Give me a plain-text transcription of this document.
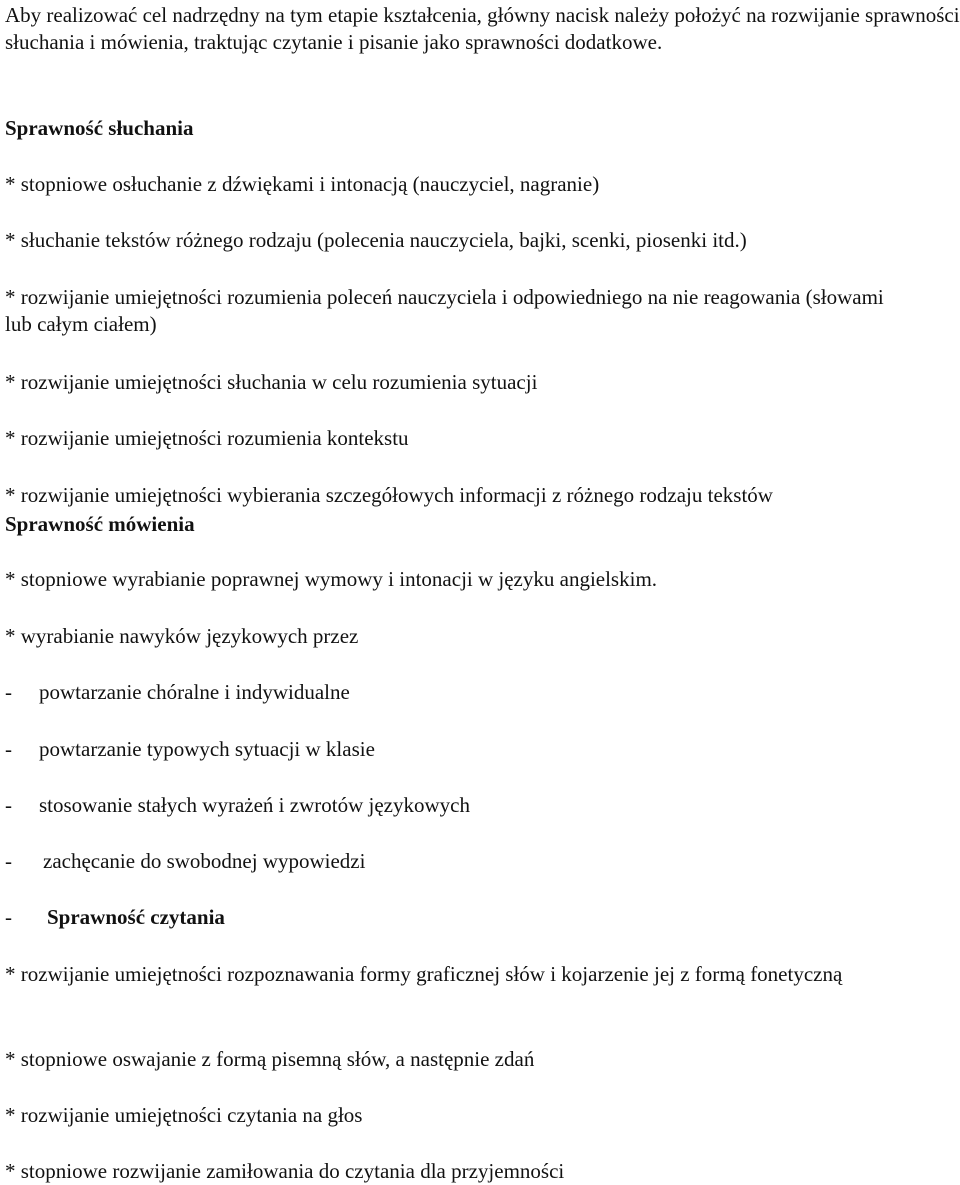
Aby realizować cel nadrzędny na tym etapie kształcenia, główny nacisk należy położyć na rozwijanie sprawności słuchania i mówienia, traktując czytanie i pisanie jako sprawności dodatkowe.

Sprawność słuchania

* stopniowe osłuchanie z dźwiękami i intonacją (nauczyciel, nagranie)

* słuchanie tekstów różnego rodzaju (polecenia nauczyciela, bajki, scenki, piosenki itd.)

* rozwijanie umiejętności rozumienia poleceń nauczyciela i odpowiedniego na nie reagowania (słowami lub całym ciałem)

* rozwijanie umiejętności słuchania w celu rozumienia sytuacji

* rozwijanie umiejętności rozumienia kontekstu

* rozwijanie umiejętności wybierania szczegółowych informacji z różnego rodzaju tekstów

Sprawność mówienia

* stopniowe wyrabianie poprawnej wymowy i intonacji w języku angielskim.

* wyrabianie nawyków językowych przez

-	powtarzanie chóralne i indywidualne
-	powtarzanie typowych sytuacji w klasie
-	stosowanie stałych wyrażeń i zwrotów językowych
-	zachęcanie do swobodnej wypowiedzi
-	Sprawność czytania

* rozwijanie umiejętności rozpoznawania formy graficznej słów i kojarzenie jej z formą fonetyczną

* stopniowe oswajanie z formą pisemną słów, a następnie zdań

* rozwijanie umiejętności czytania na głos

* stopniowe rozwijanie zamiłowania do czytania dla przyjemności
